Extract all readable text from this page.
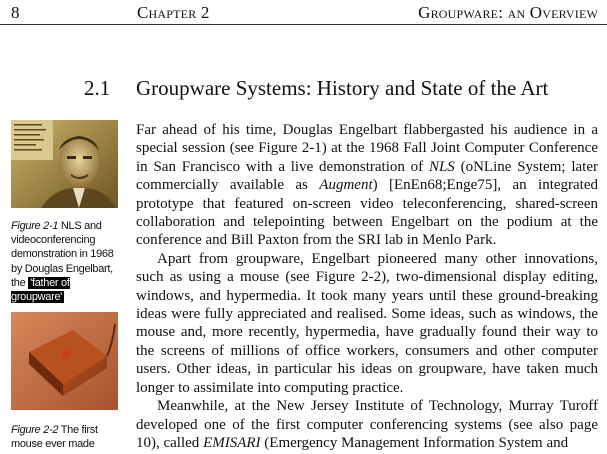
8	Chapter 2	Groupware: an Overview
2.1 Groupware Systems: History and State of the Art
Figure 2-1 NLS and videoconferencing demonstration in 1968 by Douglas Engelbart, the 'father of groupware'
Figure 2-2 The first mouse ever made

Far ahead of his time, Douglas Engelbart flabbergasted his audience in a special session (see Figure 2-1) at the 1968 Fall Joint Computer Conference in San Francisco with a live demonstration of NLS (oNLine System; later commercially available as Augment) [EnEn68;Enge75], an integrated prototype that featured on-screen video teleconferencing, shared-screen collaboration and telepointing between Engelbart on the podium at the conference and Bill Paxton from the SRI lab in Menlo Park.

Apart from groupware, Engelbart pioneered many other innovations, such as using a mouse (see Figure 2-2), two-dimensional display editing, windows, and hypermedia. It took many years until these ground-breaking ideas were fully appreciated and realised. Some ideas, such as windows, the mouse and, more recently, hypermedia, have gradually found their way to the screens of millions of office workers, consumers and other computer users. Other ideas, in particular his ideas on groupware, have taken much longer to assimilate into computing practice.

Meanwhile, at the New Jersey Institute of Technology, Murray Turoff developed one of the first computer conferencing systems (see also page 10), called EMISARI (Emergency Management Information System and
